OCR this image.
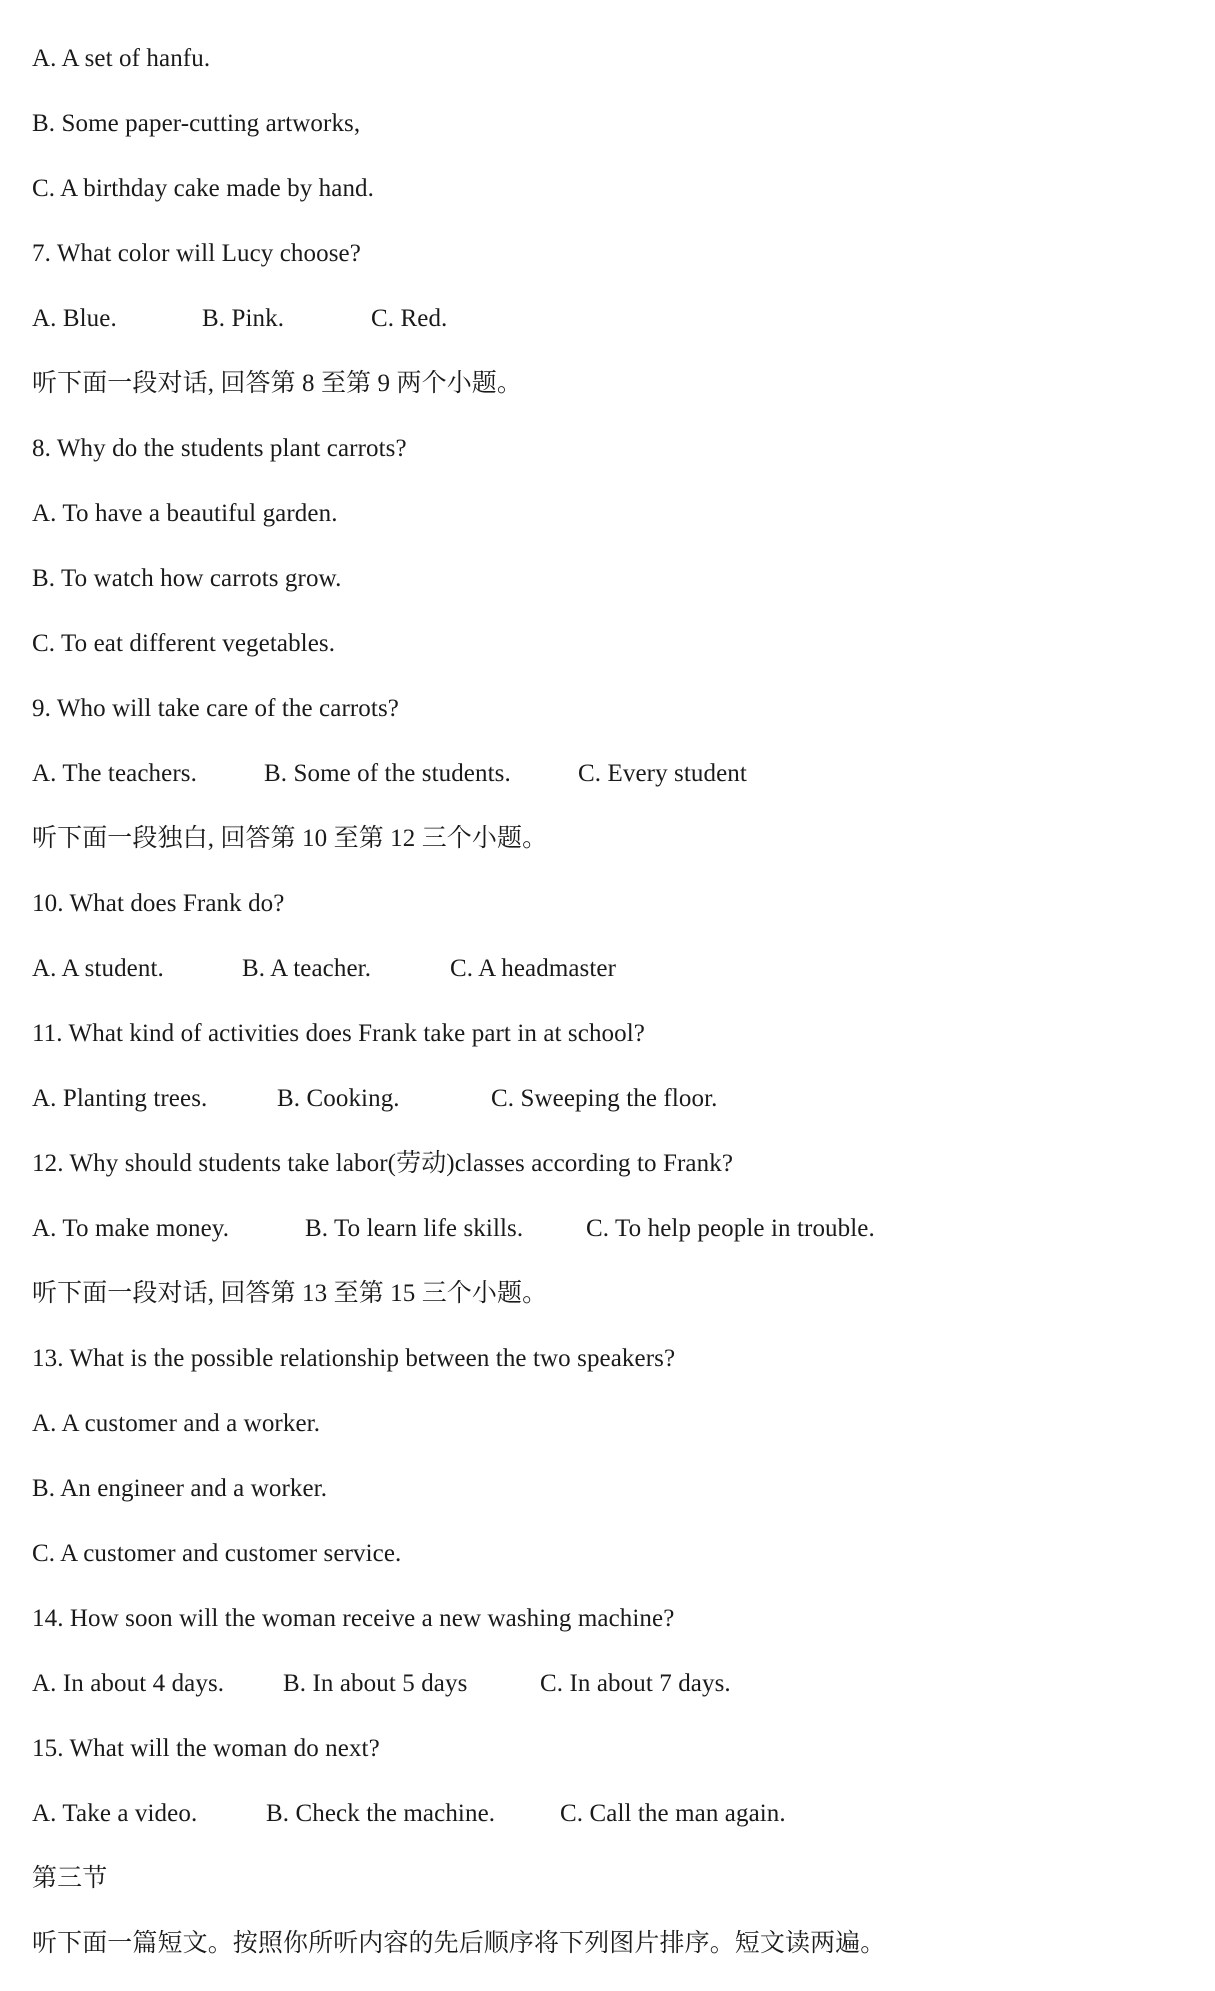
A. A set of hanfu.
B. Some paper-cutting artworks,
C. A birthday cake made by hand.
7. What color will Lucy choose?
A. Blue.	B. Pink.	C. Red.
听下面一段对话, 回答第 8 至第 9 两个小题。
8. Why do the students plant carrots?
A. To have a beautiful garden.
B. To watch how carrots grow.
C. To eat different vegetables.
9. Who will take care of the carrots?
A. The teachers.	B. Some of the students.	C. Every student
听下面一段独白, 回答第 10 至第 12 三个小题。
10. What does Frank do?
A. A student.	B. A teacher.	C. A headmaster
11. What kind of activities does Frank take part in at school?
A. Planting trees.	B. Cooking.	C. Sweeping the floor.
12. Why should students take labor(劳动)classes according to Frank?
A. To make money.	B. To learn life skills.	C. To help people in trouble.
听下面一段对话, 回答第 13 至第 15 三个小题。
13. What is the possible relationship between the two speakers?
A. A customer and a worker.
B. An engineer and a worker.
C. A customer and customer service.
14. How soon will the woman receive a new washing machine?
A. In about 4 days. B. In about 5 days	C. In about 7 days.
15. What will the woman do next?
A. Take a video.	B. Check the machine.	C. Call the man again.
第三节
听下面一篇短文。按照你所听内容的先后顺序将下列图片排序。短文读两遍。
